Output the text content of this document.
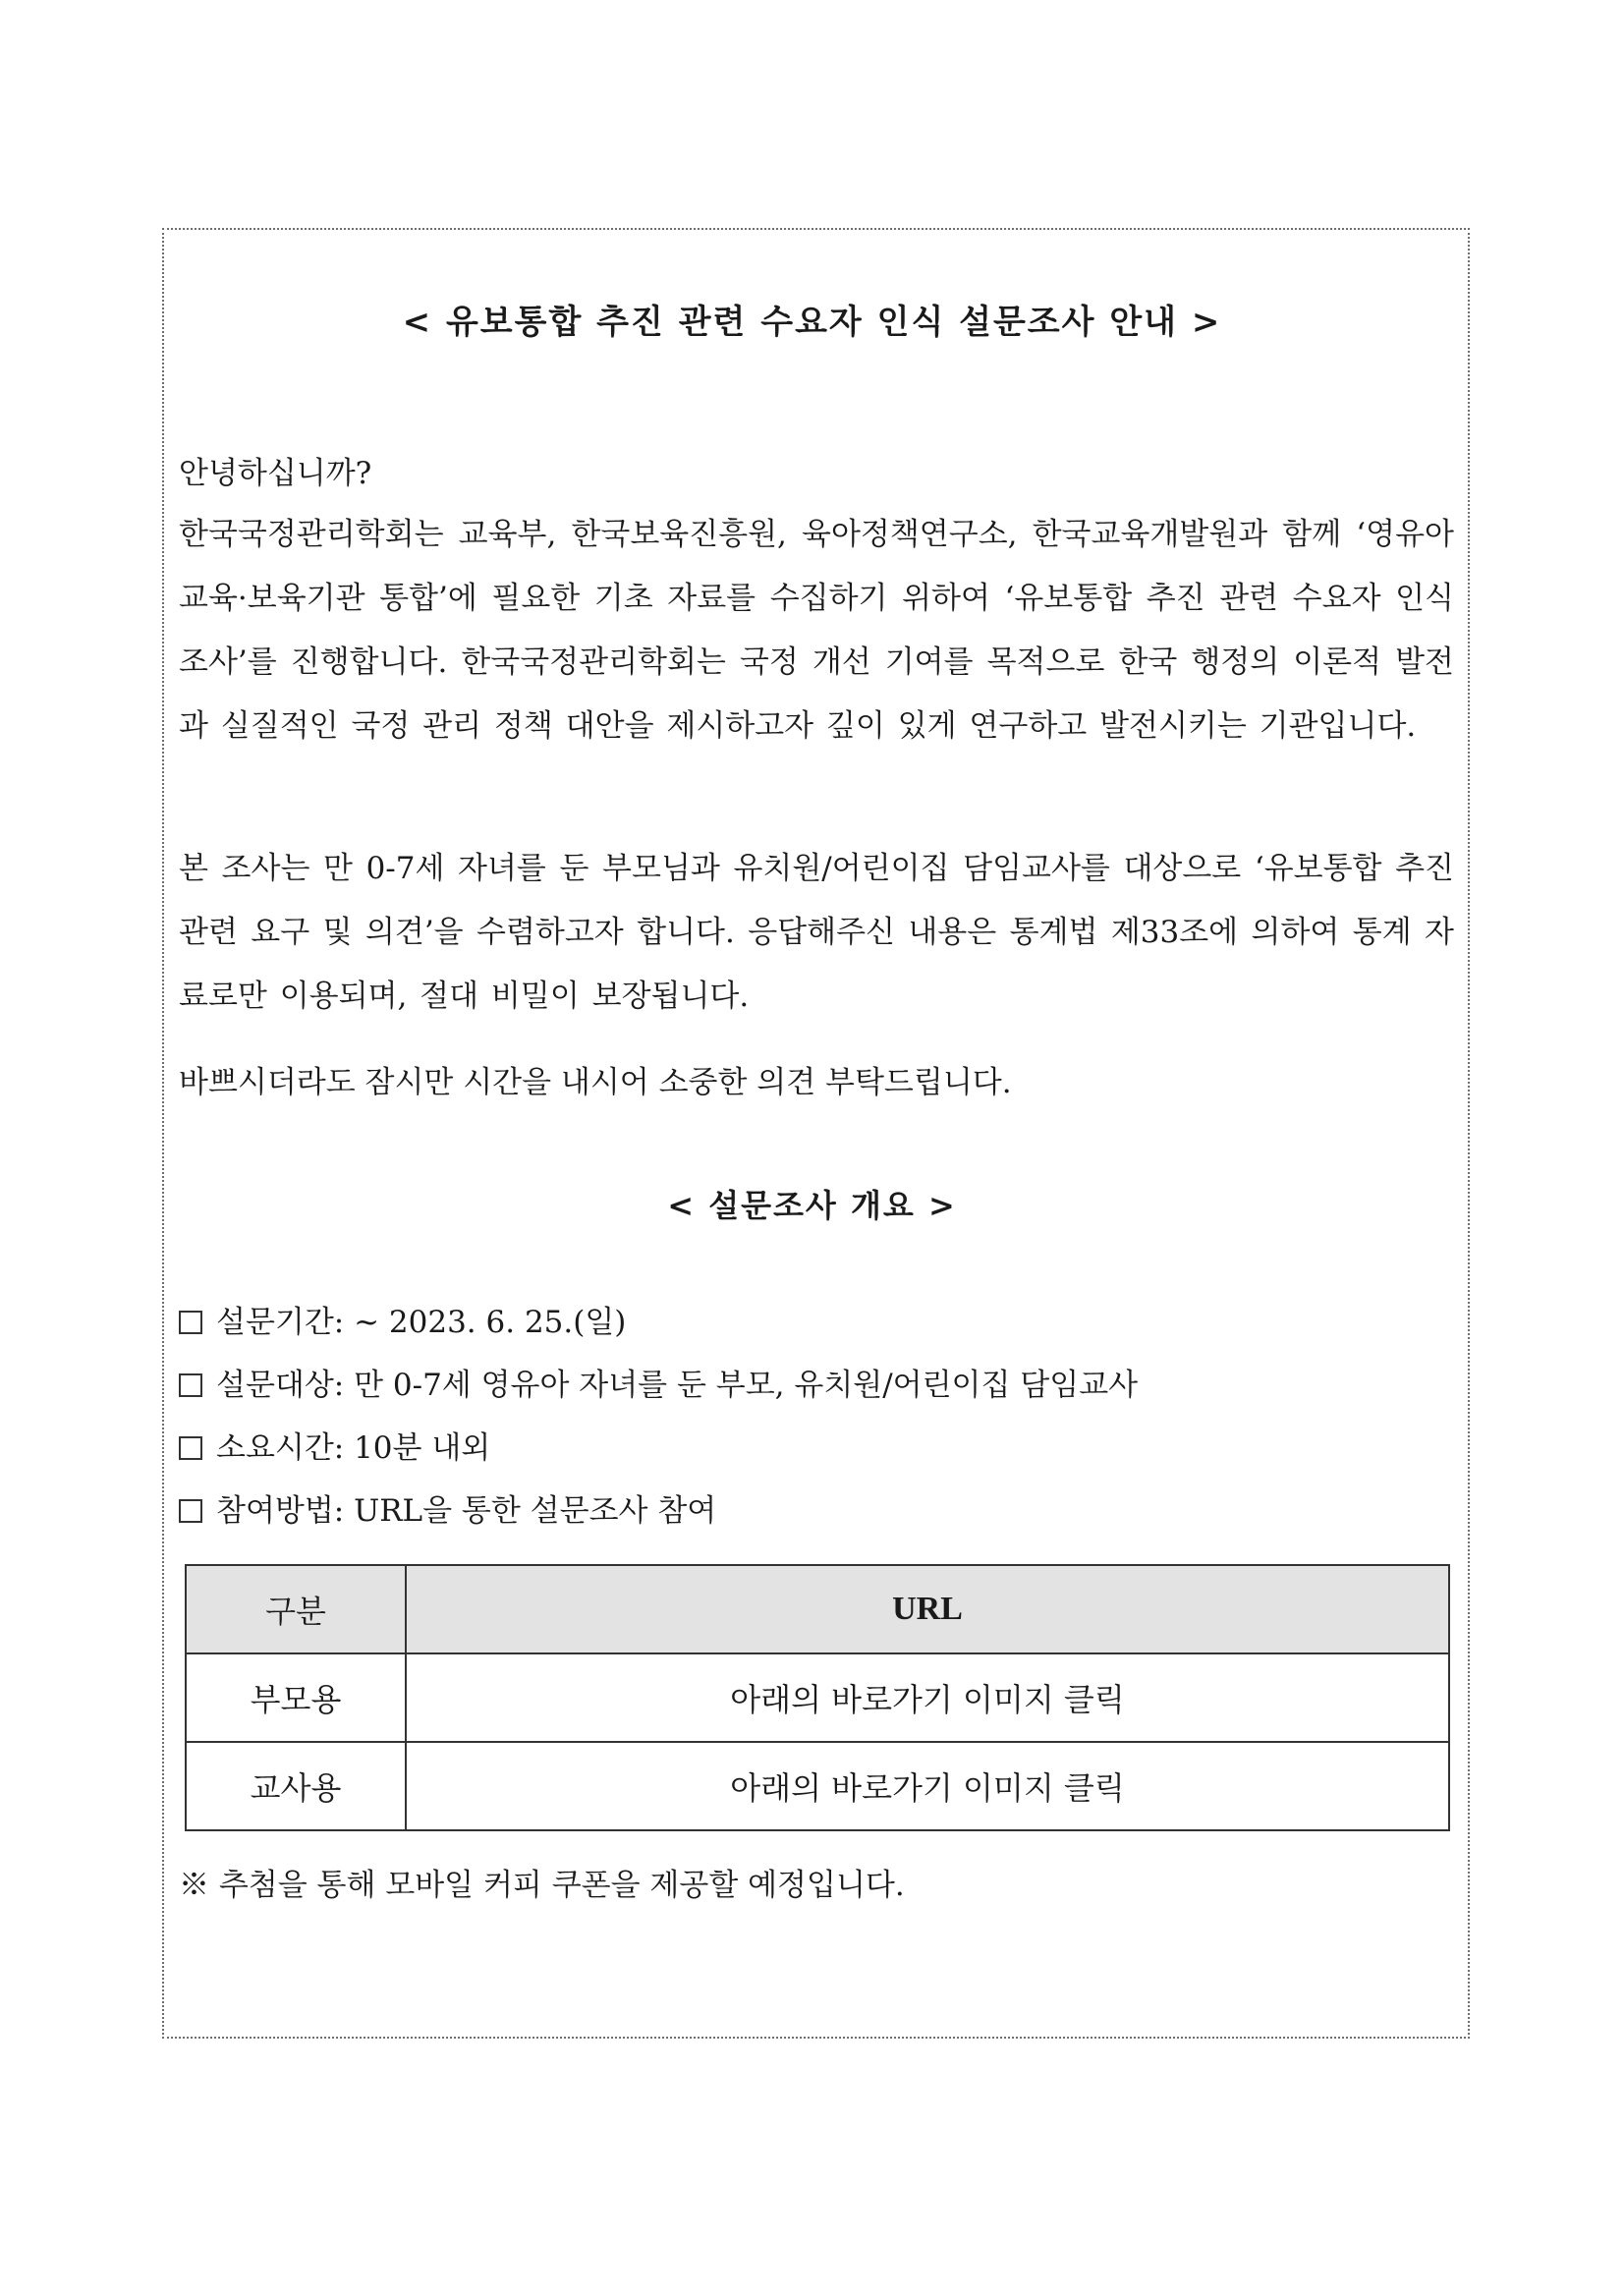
< 유보통합 추진 관련 수요자 인식 설문조사 안내 >

안녕하십니까?

한국국정관리학회는 교육부, 한국보육진흥원, 육아정책연구소, 한국교육개발원과 함께 ‘영유아 교육·보육기관 통합’에 필요한 기초 자료를 수집하기 위하여 ‘유보통합 추진 관련 수요자 인식조사’를 진행합니다. 한국국정관리학회는 국정 개선 기여를 목적으로 한국 행정의 이론적 발전과 실질적인 국정 관리 정책 대안을 제시하고자 깊이 있게 연구하고 발전시키는 기관입니다.

본 조사는 만 0-7세 자녀를 둔 부모님과 유치원/어린이집 담임교사를 대상으로 ‘유보통합 추진 관련 요구 및 의견’을 수렴하고자 합니다. 응답해주신 내용은 통계법 제33조에 의하여 통계 자료로만 이용되며, 절대 비밀이 보장됩니다.

바쁘시더라도 잠시만 시간을 내시어 소중한 의견 부탁드립니다.

< 설문조사 개요 >
설문기간: ~ 2023. 6. 25.(일)
설문대상: 만 0-7세 영유아 자녀를 둔 부모, 유치원/어린이집 담임교사
소요시간: 10분 내외
참여방법: URL을 통한 설문조사 참여
구분	URL
부모용	아래의 바로가기 이미지 클릭
교사용	아래의 바로가기 이미지 클릭

※ 추첨을 통해 모바일 커피 쿠폰을 제공할 예정입니다.
